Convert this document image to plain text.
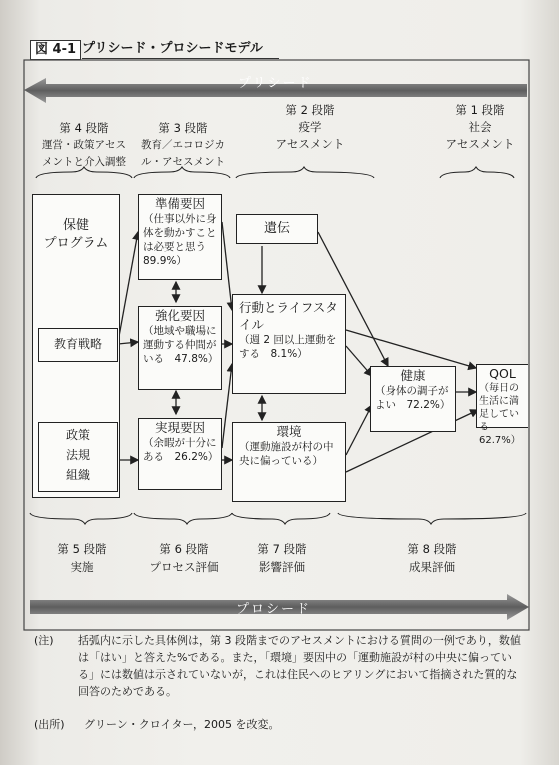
図 4-1 プリシード・プロシードモデル
プリシード
プロシード
第 4 段階
運営・政策アセス
メントと介入調整
第 3 段階
教育／エコロジカ
ル・アセスメント
第 2 段階
疫学
アセスメント
第 1 段階
社会
アセスメント
保健
プログラム
教育戦略
政策
法規
組織
準備要因
（仕事以外に身体を動かすことは必要と思う　89.9%）
強化要因
（地域や職場に運動する仲間がいる　47.8%）
実現要因
（余暇が十分にある　26.2%）
遺伝
行動とライフスタイル
（週 2 回以上運動をする　8.1%）
環境
（運動施設が村の中央に偏っている）
健康
（身体の調子がよい　72.2%）
QOL
（毎日の生活に満足している　62.7%）
第 5 段階
実施
第 6 段階
プロセス評価
第 7 段階
影響評価
第 8 段階
成果評価
(注)	括弧内に示した具体例は，第 3 段階までのアセスメントにおける質問の一例であり，数値は「はい」と答えた%である。また，「環境」要因中の「運動施設が村の中央に偏っている」には数値は示されていないが，これは住民へのヒアリングにおいて指摘された質的な回答のためである。
(出所)	グリーン・クロイター，2005 を改変。
